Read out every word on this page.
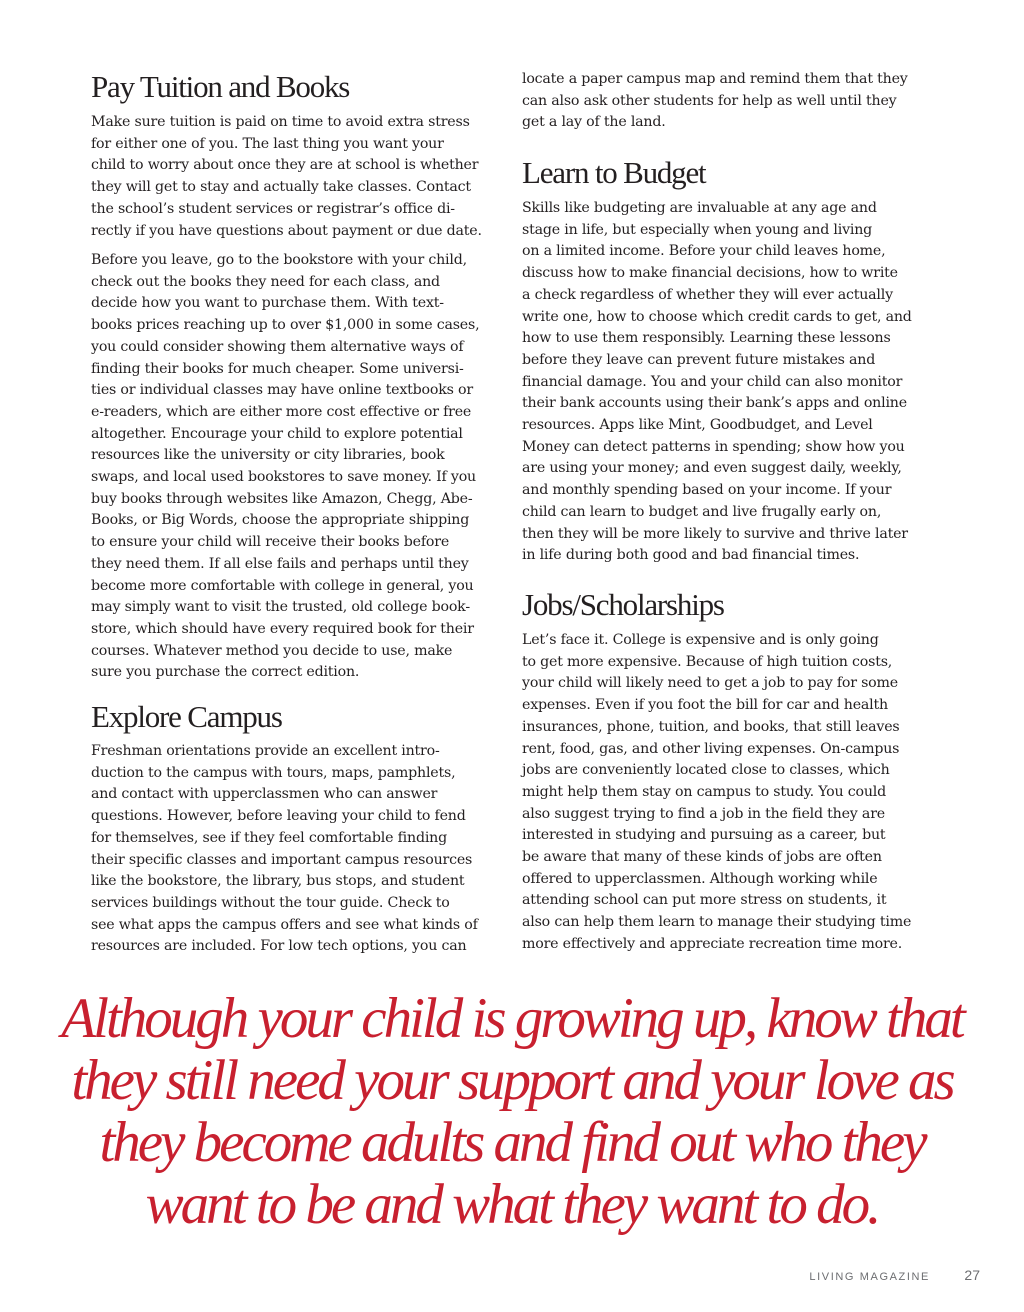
Pay Tuition and Books

Make sure tuition is paid on time to avoid extra stress
for either one of you. The last thing you want your
child to worry about once they are at school is whether
they will get to stay and actually take classes. Contact
the school’s student services or registrar’s office di-
rectly if you have questions about payment or due date.

Before you leave, go to the bookstore with your child,
check out the books they need for each class, and
decide how you want to purchase them. With text-
books prices reaching up to over $1,000 in some cases,
you could consider showing them alternative ways of
finding their books for much cheaper. Some universi-
ties or individual classes may have online textbooks or
e-readers, which are either more cost effective or free
altogether. Encourage your child to explore potential
resources like the university or city libraries, book
swaps, and local used bookstores to save money. If you
buy books through websites like Amazon, Chegg, Abe-
Books, or Big Words, choose the appropriate shipping
to ensure your child will receive their books before
they need them. If all else fails and perhaps until they
become more comfortable with college in general, you
may simply want to visit the trusted, old college book-
store, which should have every required book for their
courses. Whatever method you decide to use, make
sure you purchase the correct edition.

Explore Campus

Freshman orientations provide an excellent intro-
duction to the campus with tours, maps, pamphlets,
and contact with upperclassmen who can answer
questions. However, before leaving your child to fend
for themselves, see if they feel comfortable finding
their specific classes and important campus resources
like the bookstore, the library, bus stops, and student
services buildings without the tour guide. Check to
see what apps the campus offers and see what kinds of
resources are included. For low tech options, you can

locate a paper campus map and remind them that they
can also ask other students for help as well until they
get a lay of the land.

Learn to Budget

Skills like budgeting are invaluable at any age and
stage in life, but especially when young and living
on a limited income. Before your child leaves home,
discuss how to make financial decisions, how to write
a check regardless of whether they will ever actually
write one, how to choose which credit cards to get, and
how to use them responsibly. Learning these lessons
before they leave can prevent future mistakes and
financial damage. You and your child can also monitor
their bank accounts using their bank’s apps and online
resources. Apps like Mint, Goodbudget, and Level
Money can detect patterns in spending; show how you
are using your money; and even suggest daily, weekly,
and monthly spending based on your income. If your
child can learn to budget and live frugally early on,
then they will be more likely to survive and thrive later
in life during both good and bad financial times.

Jobs/Scholarships

Let’s face it. College is expensive and is only going
to get more expensive. Because of high tuition costs,
your child will likely need to get a job to pay for some
expenses. Even if you foot the bill for car and health
insurances, phone, tuition, and books, that still leaves
rent, food, gas, and other living expenses. On-campus
jobs are conveniently located close to classes, which
might help them stay on campus to study. You could
also suggest trying to find a job in the field they are
interested in studying and pursuing as a career, but
be aware that many of these kinds of jobs are often
offered to upperclassmen. Although working while
attending school can put more stress on students, it
also can help them learn to manage their studying time
more effectively and appreciate recreation time more.

Although your child is growing up, know that
they still need your support and your love as
they become adults and find out who they
want to be and what they want to do.
LIVING MAGAZINE 27
